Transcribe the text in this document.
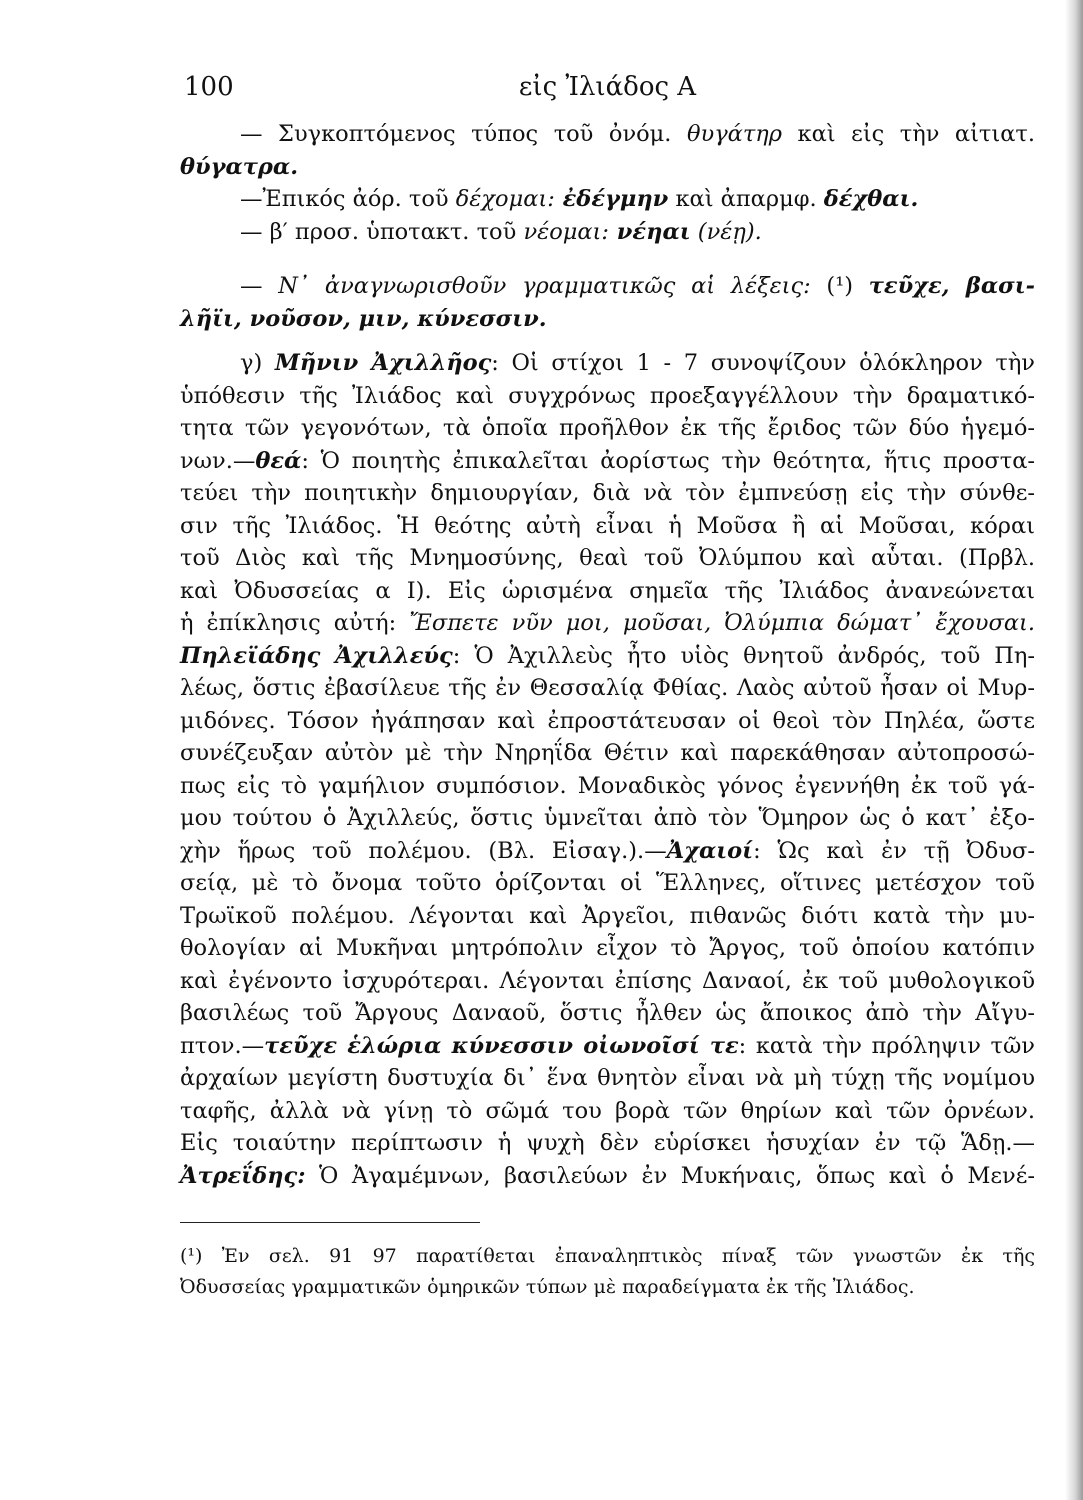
100	εἰς Ἰλιάδος Α
— Συγκοπτόμενος τύπος τοῦ ὀνόμ. θυγάτηρ καὶ εἰς τὴν αἰτιατ.
θύγατρα.
—Ἐπικός ἀόρ. τοῦ δέχομαι: ἐδέγμην καὶ ἀπαρμφ. δέχθαι.
— β′ προσ. ὑποτακτ. τοῦ νέομαι: νέηαι (νέῃ).
— Ν᾿ ἀναγνωρισθοῦν γραμματικῶς αἱ λέξεις: (¹) τεῦχε, βασι-
λῆϊι, νοῦσον, μιν, κύνεσσιν.
γ) Μῆνιν Ἀχιλλῆος: Οἱ στίχοι 1 - 7 συνοψίζουν ὁλόκληρον τὴν
ὑπόθεσιν τῆς Ἰλιάδος καὶ συγχρόνως προεξαγγέλλουν τὴν δραματικό-
τητα τῶν γεγονότων, τὰ ὁποῖα προῆλθον ἐκ τῆς ἔριδος τῶν δύο ἡγεμό-
νων.—θεά: Ὁ ποιητὴς ἐπικαλεῖται ἀορίστως τὴν θεότητα, ἥτις προστα-
τεύει τὴν ποιητικὴν δημιουργίαν, διὰ νὰ τὸν ἐμπνεύσῃ εἰς τὴν σύνθε-
σιν τῆς Ἰλιάδος. Ἡ θεότης αὐτὴ εἶναι ἡ Μοῦσα ἢ αἱ Μοῦσαι, κόραι
τοῦ Διὸς καὶ τῆς Μνημοσύνης, θεαὶ τοῦ Ὀλύμπου καὶ αὗται. (Πρβλ.
καὶ Ὀδυσσείας α Ι). Εἰς ὡρισμένα σημεῖα τῆς Ἰλιάδος ἀνανεώνεται
ἡ ἐπίκλησις αὐτή: Ἔσπετε νῦν μοι, μοῦσαι, Ὀλύμπια δώματ᾿ ἔχουσαι.
Πηλεϊάδης Ἀχιλλεύς: Ὁ Ἀχιλλεὺς ἦτο υἱὸς θνητοῦ ἀνδρός, τοῦ Πη-
λέως, ὅστις ἐβασίλευε τῆς ἐν Θεσσαλίᾳ Φθίας. Λαὸς αὐτοῦ ἦσαν οἱ Μυρ-
μιδόνες. Τόσον ἠγάπησαν καὶ ἐπροστάτευσαν οἱ θεοὶ τὸν Πηλέα, ὥστε
συνέζευξαν αὐτὸν μὲ τὴν Νηρηΐδα Θέτιν καὶ παρεκάθησαν αὐτοπροσώ-
πως εἰς τὸ γαμήλιον συμπόσιον. Μοναδικὸς γόνος ἐγεννήθη ἐκ τοῦ γά-
μου τούτου ὁ Ἀχιλλεύς, ὅστις ὑμνεῖται ἀπὸ τὸν Ὅμηρον ὡς ὁ κατ᾿ ἐξο-
χὴν ἥρως τοῦ πολέμου. (Βλ. Εἰσαγ.).—Ἀχαιοί: Ὡς καὶ ἐν τῇ Ὀδυσ-
σείᾳ, μὲ τὸ ὄνομα τοῦτο ὁρίζονται οἱ Ἕλληνες, οἵτινες μετέσχον τοῦ
Τρωϊκοῦ πολέμου. Λέγονται καὶ Ἀργεῖοι, πιθανῶς διότι κατὰ τὴν μυ-
θολογίαν αἱ Μυκῆναι μητρόπολιν εἶχον τὸ Ἄργος, τοῦ ὁποίου κατόπιν
καὶ ἐγένοντο ἰσχυρότεραι. Λέγονται ἐπίσης Δαναοί, ἐκ τοῦ μυθολογικοῦ
βασιλέως τοῦ Ἄργους Δαναοῦ, ὅστις ἦλθεν ὡς ἄποικος ἀπὸ τὴν Αἴγυ-
πτον.—τεῦχε ἑλώρια κύνεσσιν οἰωνοῖσί τε: κατὰ τὴν πρόληψιν τῶν
ἀρχαίων μεγίστη δυστυχία δι᾿ ἕνα θνητὸν εἶναι νὰ μὴ τύχῃ τῆς νομίμου
ταφῆς, ἀλλὰ νὰ γίνῃ τὸ σῶμά του βορὰ τῶν θηρίων καὶ τῶν ὀρνέων.
Εἰς τοιαύτην περίπτωσιν ἡ ψυχὴ δὲν εὑρίσκει ἡσυχίαν ἐν τῷ Ἅδῃ.—
Ἀτρεΐδης: Ὁ Ἀγαμέμνων, βασιλεύων ἐν Μυκήναις, ὅπως καὶ ὁ Μενέ-
(¹) Ἐν σελ. 91 97 παρατίθεται ἐπαναληπτικὸς πίναξ τῶν γνωστῶν ἐκ τῆς
Ὀδυσσείας γραμματικῶν ὁμηρικῶν τύπων μὲ παραδείγματα ἐκ τῆς Ἰλιάδος.
